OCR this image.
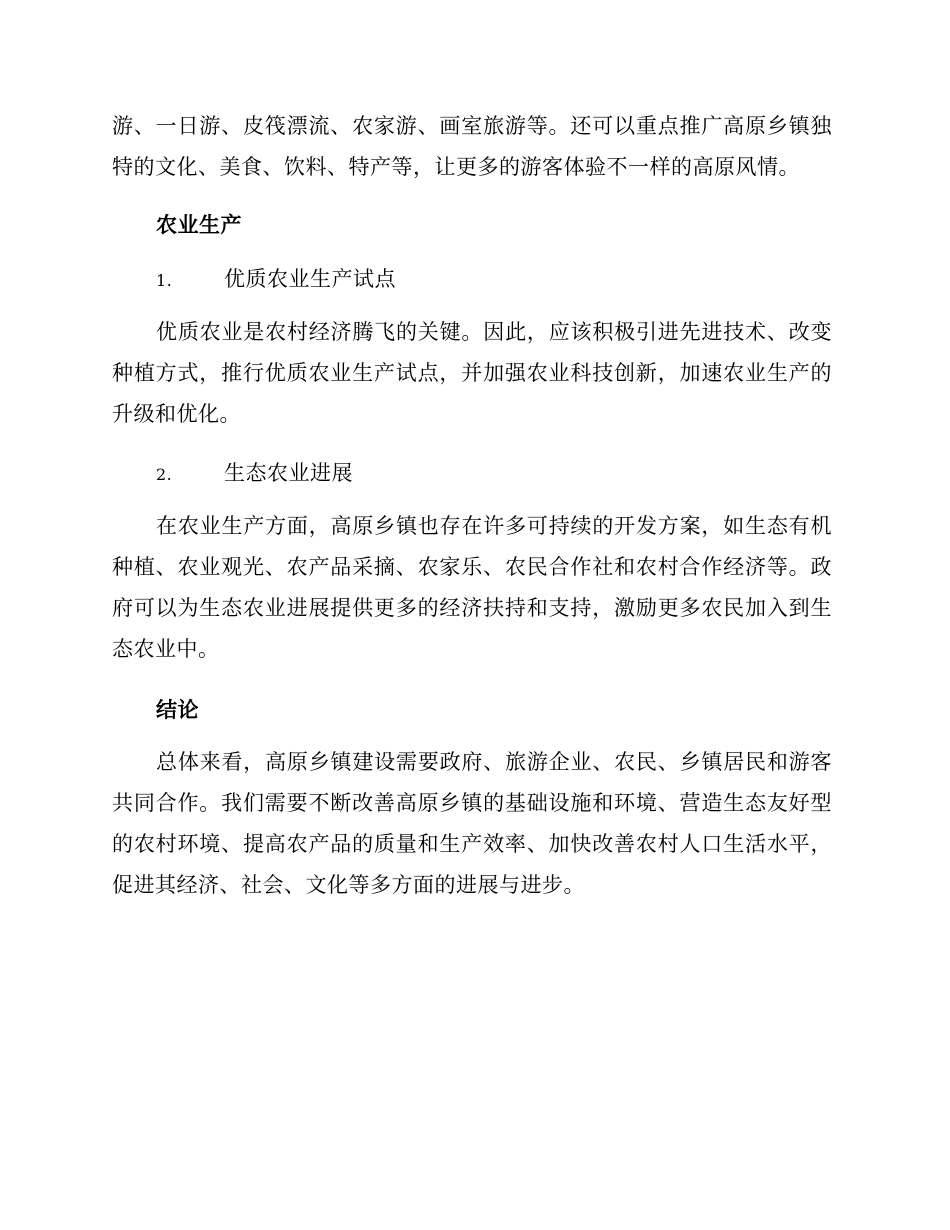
游、一日游、皮筏漂流、农家游、画室旅游等。还可以重点推广高原乡镇独特的文化、美食、饮料、特产等，让更多的游客体验不一样的高原风情。

农业生产
1. 优质农业生产试点

优质农业是农村经济腾飞的关键。因此，应该积极引进先进技术、改变种植方式，推行优质农业生产试点，并加强农业科技创新，加速农业生产的升级和优化。

2. 生态农业进展

在农业生产方面，高原乡镇也存在许多可持续的开发方案，如生态有机种植、农业观光、农产品采摘、农家乐、农民合作社和农村合作经济等。政府可以为生态农业进展提供更多的经济扶持和支持，激励更多农民加入到生态农业中。

结论

总体来看，高原乡镇建设需要政府、旅游企业、农民、乡镇居民和游客共同合作。我们需要不断改善高原乡镇的基础设施和环境、营造生态友好型的农村环境、提高农产品的质量和生产效率、加快改善农村人口生活水平，促进其经济、社会、文化等多方面的进展与进步。
